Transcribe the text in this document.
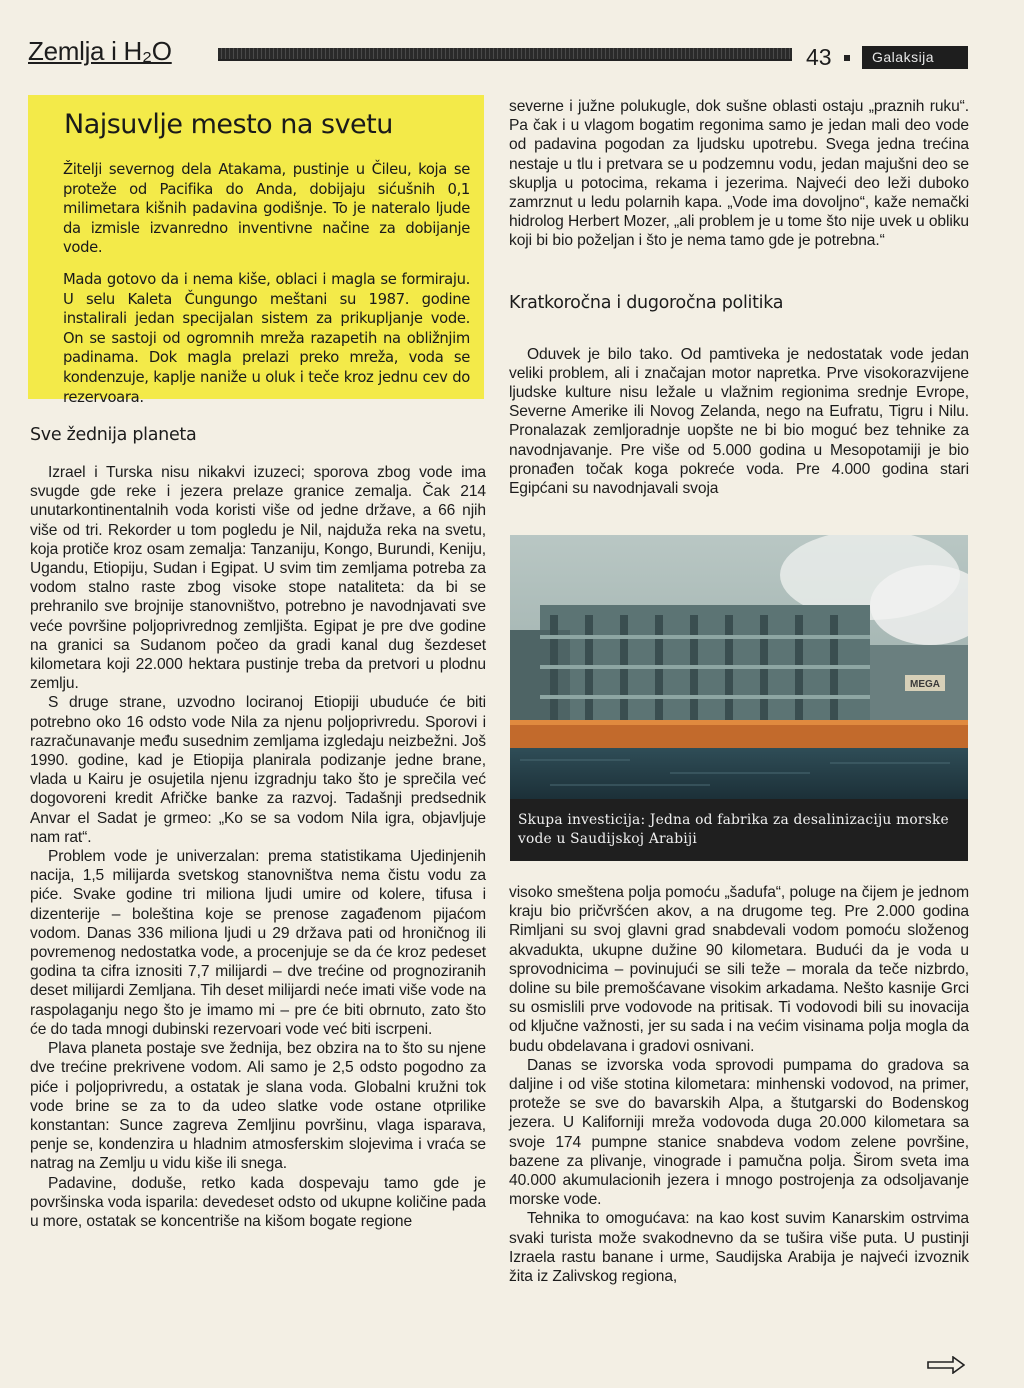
Zemlja i H₂O	43	Galaksija
Najsuvlje mesto na svetu

Žitelji severnog dela Atakama, pustinje u Čileu, koja se proteže od Pacifika do Anda, dobijaju sićušnih 0,1 milimetara kišnih padavina godišnje. To je nateralo ljude da izmisle izvanredno inventivne načine za dobijanje vode.

Mada gotovo da i nema kiše, oblaci i magla se formiraju. U selu Kaleta Čungungo meštani su 1987. godine instalirali jedan specijalan sistem za prikupljanje vode. On se sastoji od ogromnih mreža razapetih na obližnjim padinama. Dok magla prelazi preko mreža, voda se kondenzuje, kaplje naniže u oluk i teče kroz jednu cev do rezervoara.

Sve žednija planeta

Izrael i Turska nisu nikakvi izuzeci; sporova zbog vode ima svugde gde reke i jezera prelaze granice zemalja. Čak 214 unutarkontinentalnih voda koristi više od jedne države, a 66 njih više od tri. Rekorder u tom pogledu je Nil, najduža reka na svetu, koja protiče kroz osam zemalja: Tanzaniju, Kongo, Burundi, Keniju, Ugandu, Etiopiju, Sudan i Egipat. U svim tim zemljama potreba za vodom stalno raste zbog visoke stope nataliteta: da bi se prehranilo sve brojnije stanovništvo, potrebno je navodnjavati sve veće površine poljoprivrednog zemljišta. Egipat je pre dve godine na granici sa Sudanom počeo da gradi kanal dug šezdeset kilometara koji 22.000 hektara pustinje treba da pretvori u plodnu zemlju.

S druge strane, uzvodno lociranoj Etiopiji ubuduće će biti potrebno oko 16 odsto vode Nila za njenu poljoprivredu. Sporovi i razračunavanje među susednim zemljama izgledaju neizbežni. Još 1990. godine, kad je Etiopija planirala podizanje jedne brane, vlada u Kairu je osujetila njenu izgradnju tako što je sprečila već dogovoreni kredit Afričke banke za razvoj. Tadašnji predsednik Anvar el Sadat je grmeo: „Ko se sa vodom Nila igra, objavljuje nam rat“.

Problem vode je univerzalan: prema statistikama Ujedinjenih nacija, 1,5 milijarda svetskog stanovništva nema čistu vodu za piće. Svake godine tri miliona ljudi umire od kolere, tifusa i dizenterije – boleština koje se prenose zagađenom pijaćom vodom. Danas 336 miliona ljudi u 29 država pati od hroničnog ili povremenog nedostatka vode, a procenjuje se da će kroz pedeset godina ta cifra iznositi 7,7 milijardi – dve trećine od prognoziranih deset milijardi Zemljana. Tih deset milijardi neće imati više vode na raspolaganju nego što je imamo mi – pre će biti obrnuto, zato što će do tada mnogi dubinski rezervoari vode već biti iscrpeni.

Plava planeta postaje sve žednija, bez obzira na to što su njene dve trećine prekrivene vodom. Ali samo je 2,5 odsto pogodno za piće i poljoprivredu, a ostatak je slana voda. Globalni kružni tok vode brine se za to da udeo slatke vode ostane otprilike konstantan: Sunce zagreva Zemljinu površinu, vlaga isparava, penje se, kondenzira u hladnim atmosferskim slojevima i vraća se natrag na Zemlju u vidu kiše ili snega.

Padavine, doduše, retko kada dospevaju tamo gde je površinska voda isparila: devedeset odsto od ukupne količine pada u more, ostatak se koncentriše na kišom bogate regione

severne i južne polukugle, dok sušne oblasti ostaju „praznih ruku“. Pa čak i u vlagom bogatim regonima samo je jedan mali deo vode od padavina pogodan za ljudsku upotrebu. Svega jedna trećina nestaje u tlu i pretvara se u podzemnu vodu, jedan majušni deo se skuplja u potocima, rekama i jezerima. Najveći deo leži duboko zamrznut u ledu polarnih kapa. „Vode ima dovoljno“, kaže nemački hidrolog Herbert Mozer, „ali problem je u tome što nije uvek u obliku koji bi bio poželjan i što je nema tamo gde je potrebna.“

Kratkoročna i dugoročna politika

Oduvek je bilo tako. Od pamtiveka je nedostatak vode jedan veliki problem, ali i značajan motor napretka. Prve visokorazvijene ljudske kulture nisu ležale u vlažnim regionima srednje Evrope, Severne Amerike ili Novog Zelanda, nego na Eufratu, Tigru i Nilu. Pronalazak zemljoradnje uopšte ne bi bio moguć bez tehnike za navodnjavanje. Pre više od 5.000 godina u Mesopotamiji je bio pronađen točak koga pokreće voda. Pre 4.000 godina stari Egipćani su navodnjavali svoja

MEGA
Skupa investicija: Jedna od fabrika za desalinizaciju morske vode u Saudijskoj Arabiji

visoko smeštena polja pomoću „šadufa“, poluge na čijem je jednom kraju bio pričvršćen akov, a na drugome teg. Pre 2.000 godina Rimljani su svoj glavni grad snabdevali vodom pomoću složenog akvadukta, ukupne dužine 90 kilometara. Budući da je voda u sprovodnicima – povinujući se sili teže – morala da teče nizbrdo, doline su bile premošćavane visokim arkadama. Nešto kasnije Grci su osmislili prve vodovode na pritisak. Ti vodovodi bili su inovacija od ključne važnosti, jer su sada i na većim visinama polja mogla da budu obdelavana i gradovi osnivani.

Danas se izvorska voda sprovodi pumpama do gradova sa daljine i od više stotina kilometara: minhenski vodovod, na primer, proteže se sve do bavarskih Alpa, a štutgarski do Bodenskog jezera. U Kaliforniji mreža vodovoda duga 20.000 kilometara sa svoje 174 pumpne stanice snabdeva vodom zelene površine, bazene za plivanje, vinograde i pamučna polja. Širom sveta ima 40.000 akumulacionih jezera i mnogo postrojenja za odsoljavanje morske vode.

Tehnika to omogućava: na kao kost suvim Kanarskim ostrvima svaki turista može svakodnevno da se tušira više puta. U pustinji Izraela rastu banane i urme, Saudijska Arabija je najveći izvoznik žita iz Zalivskog regiona,
